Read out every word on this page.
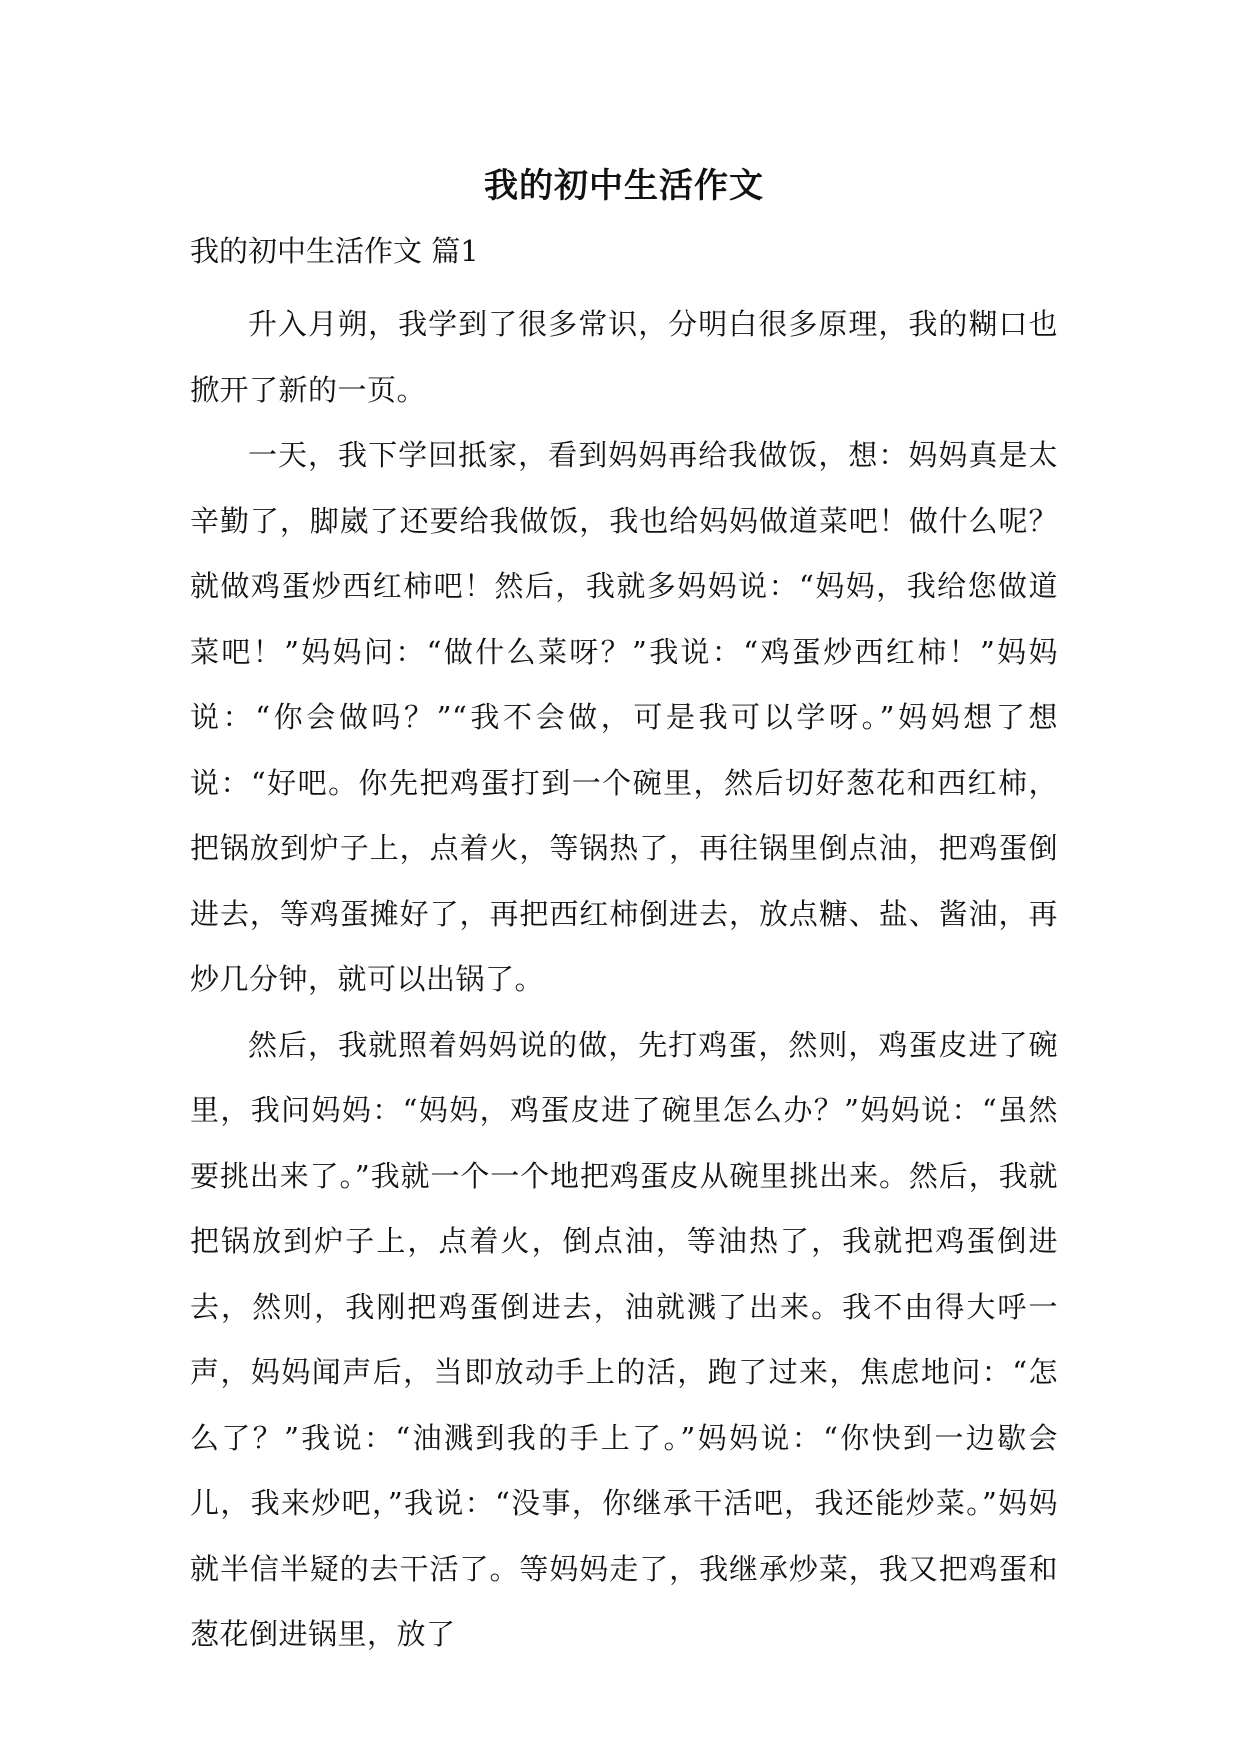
我的初中生活作文
我的初中生活作文 篇1

升入月朔，我学到了很多常识，分明白很多原理，我的糊口也掀开了新的一页。

一天，我下学回抵家，看到妈妈再给我做饭，想：妈妈真是太辛勤了，脚崴了还要给我做饭，我也给妈妈做道菜吧！做什么呢？就做鸡蛋炒西红柿吧！然后，我就多妈妈说：“妈妈，我给您做道菜吧！”妈妈问：“做什么菜呀？”我说：“鸡蛋炒西红柿！”妈妈说：“你会做吗？”“我不会做，可是我可以学呀。”妈妈想了想说：“好吧。你先把鸡蛋打到一个碗里，然后切好葱花和西红柿，把锅放到炉子上，点着火，等锅热了，再往锅里倒点油，把鸡蛋倒进去，等鸡蛋摊好了，再把西红柿倒进去，放点糖、盐、酱油，再炒几分钟，就可以出锅了。

然后，我就照着妈妈说的做，先打鸡蛋，然则，鸡蛋皮进了碗里，我问妈妈：“妈妈，鸡蛋皮进了碗里怎么办？”妈妈说：“虽然要挑出来了。”我就一个一个地把鸡蛋皮从碗里挑出来。然后，我就把锅放到炉子上，点着火，倒点油，等油热了，我就把鸡蛋倒进去，然则，我刚把鸡蛋倒进去，油就溅了出来。我不由得大呼一声，妈妈闻声后，当即放动手上的活，跑了过来，焦虑地问：“怎么了？”我说：“油溅到我的手上了。”妈妈说：“你快到一边歇会儿，我来炒吧，”我说：“没事，你继承干活吧，我还能炒菜。”妈妈就半信半疑的去干活了。等妈妈走了，我继承炒菜，我又把鸡蛋和葱花倒进锅里，放了
